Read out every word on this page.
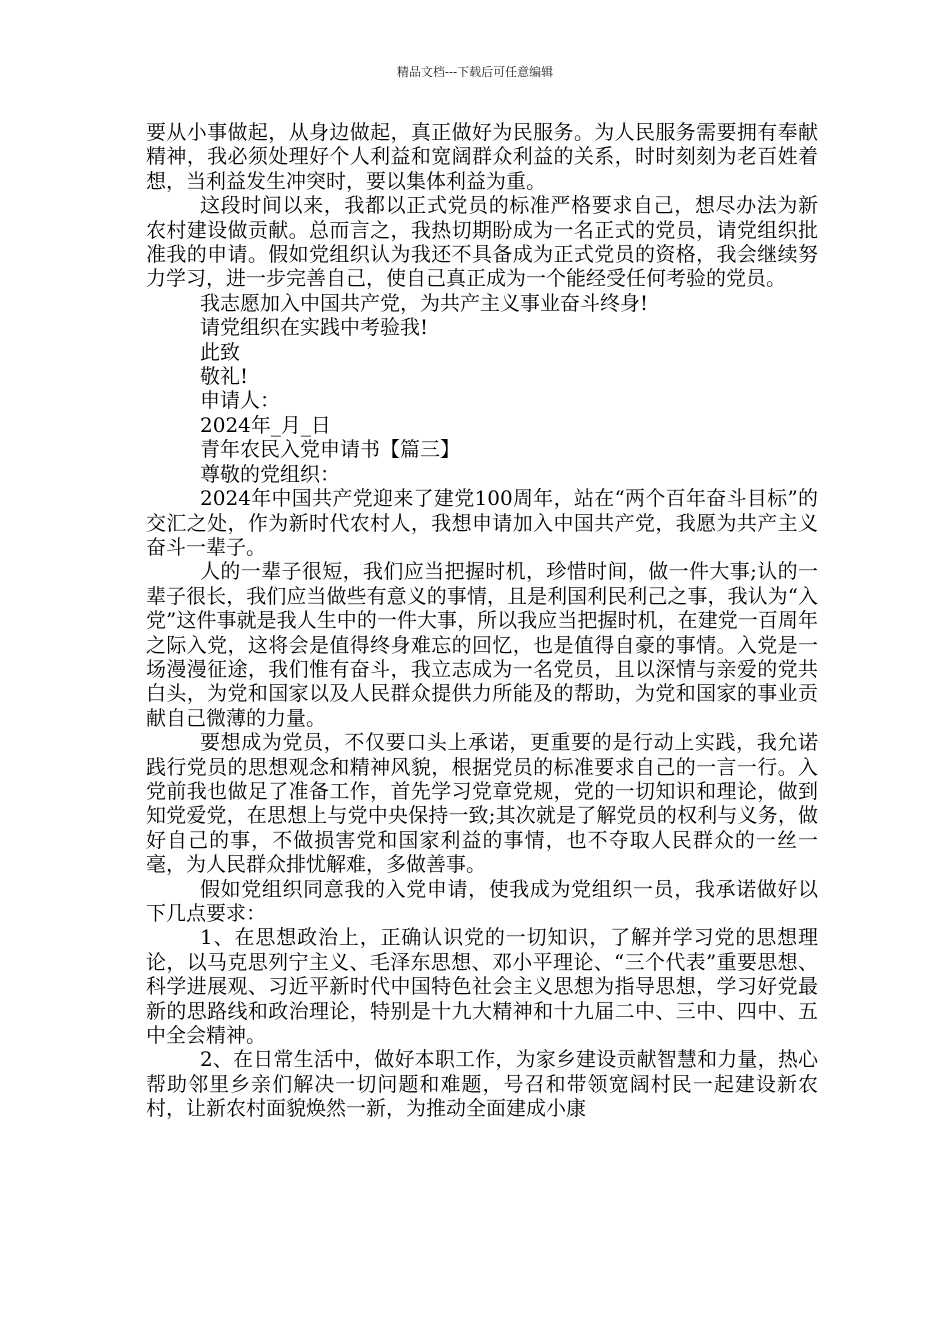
精品文档---下载后可任意编辑

要从小事做起，从身边做起，真正做好为民服务。为人民服务需要拥有奉献精神，我必须处理好个人利益和宽阔群众利益的关系，时时刻刻为老百姓着想，当利益发生冲突时，要以集体利益为重。

这段时间以来，我都以正式党员的标准严格要求自己，想尽办法为新农村建设做贡献。总而言之，我热切期盼成为一名正式的党员，请党组织批准我的申请。假如党组织认为我还不具备成为正式党员的资格，我会继续努力学习，进一步完善自己，使自己真正成为一个能经受任何考验的党员。

我志愿加入中国共产党，为共产主义事业奋斗终身!

请党组织在实践中考验我!

此致

敬礼!

申请人：

2024年_月_日

青年农民入党申请书【篇三】

尊敬的党组织：

2024年中国共产党迎来了建党100周年，站在“两个百年奋斗目标”的交汇之处，作为新时代农村人，我想申请加入中国共产党，我愿为共产主义奋斗一辈子。

人的一辈子很短，我们应当把握时机，珍惜时间，做一件大事;认的一辈子很长，我们应当做些有意义的事情，且是利国利民利己之事，我认为“入党”这件事就是我人生中的一件大事，所以我应当把握时机，在建党一百周年之际入党，这将会是值得终身难忘的回忆，也是值得自豪的事情。入党是一场漫漫征途，我们惟有奋斗，我立志成为一名党员，且以深情与亲爱的党共白头，为党和国家以及人民群众提供力所能及的帮助，为党和国家的事业贡献自己微薄的力量。

要想成为党员，不仅要口头上承诺，更重要的是行动上实践，我允诺践行党员的思想观念和精神风貌，根据党员的标准要求自己的一言一行。入党前我也做足了准备工作，首先学习党章党规，党的一切知识和理论，做到知党爱党，在思想上与党中央保持一致;其次就是了解党员的权利与义务，做好自己的事，不做损害党和国家利益的事情，也不夺取人民群众的一丝一毫，为人民群众排忧解难，多做善事。

假如党组织同意我的入党申请，使我成为党组织一员，我承诺做好以下几点要求：

1、在思想政治上，正确认识党的一切知识，了解并学习党的思想理论，以马克思列宁主义、毛泽东思想、邓小平理论、“三个代表”重要思想、科学进展观、习近平新时代中国特色社会主义思想为指导思想，学习好党最新的思路线和政治理论，特别是十九大精神和十九届二中、三中、四中、五中全会精神。

2、在日常生活中，做好本职工作，为家乡建设贡献智慧和力量，热心帮助邻里乡亲们解决一切问题和难题，号召和带领宽阔村民一起建设新农村，让新农村面貌焕然一新，为推动全面建成小康
